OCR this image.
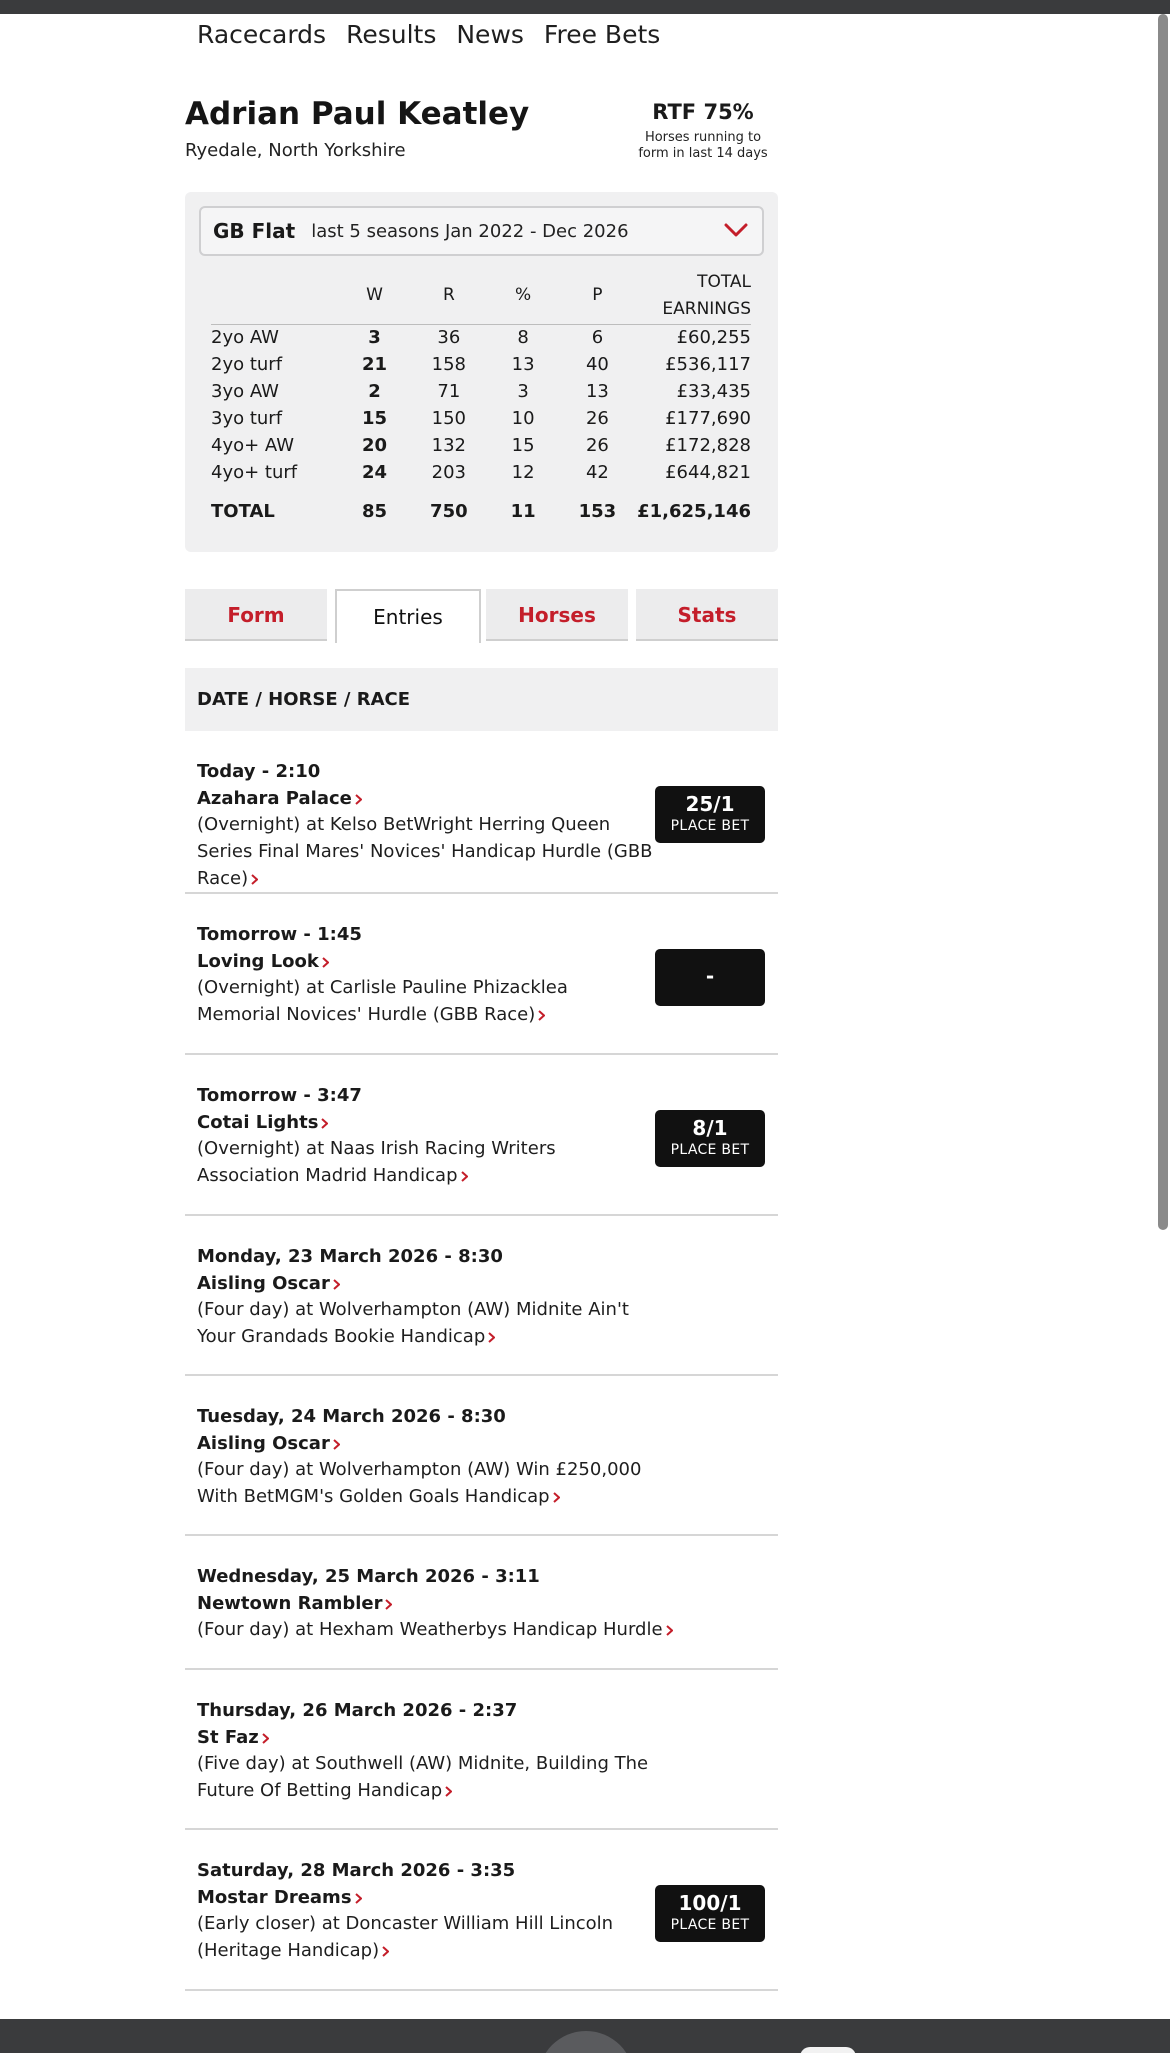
Racecards Results News Free Bets
Adrian Paul Keatley
Ryedale, North Yorkshire
RTF 75%
Horses running to form in last 14 days
GB Flat last 5 seasons Jan 2022 - Dec 2026
	W	R	%	P	TOTAL EARNINGS
2yo AW	3	36	8	6	£60,255
2yo turf	21	158	13	40	£536,117
3yo AW	2	71	3	13	£33,435
3yo turf	15	150	10	26	£177,690
4yo+ AW	20	132	15	26	£172,828
4yo+ turf	24	203	12	42	£644,821
TOTAL	85	750	11	153	£1,625,146
Form	Entries	Horses	Stats
DATE / HORSE / RACE
Today - 2:10
Azahara Palace
(Overnight) at Kelso BetWright Herring Queen Series Final Mares' Novices' Handicap Hurdle (GBB Race)
25/1
PLACE BET
Tomorrow - 1:45
Loving Look
(Overnight) at Carlisle Pauline Phizacklea Memorial Novices' Hurdle (GBB Race)
-
Tomorrow - 3:47
Cotai Lights
(Overnight) at Naas Irish Racing Writers Association Madrid Handicap
8/1
PLACE BET
Monday, 23 March 2026 - 8:30
Aisling Oscar
(Four day) at Wolverhampton (AW) Midnite Ain't Your Grandads Bookie Handicap
Tuesday, 24 March 2026 - 8:30
Aisling Oscar
(Four day) at Wolverhampton (AW) Win £250,000 With BetMGM's Golden Goals Handicap
Wednesday, 25 March 2026 - 3:11
Newtown Rambler
(Four day) at Hexham Weatherbys Handicap Hurdle
Thursday, 26 March 2026 - 2:37
St Faz
(Five day) at Southwell (AW) Midnite, Building The Future Of Betting Handicap
Saturday, 28 March 2026 - 3:35
Mostar Dreams
(Early closer) at Doncaster William Hill Lincoln (Heritage Handicap)
100/1
PLACE BET
